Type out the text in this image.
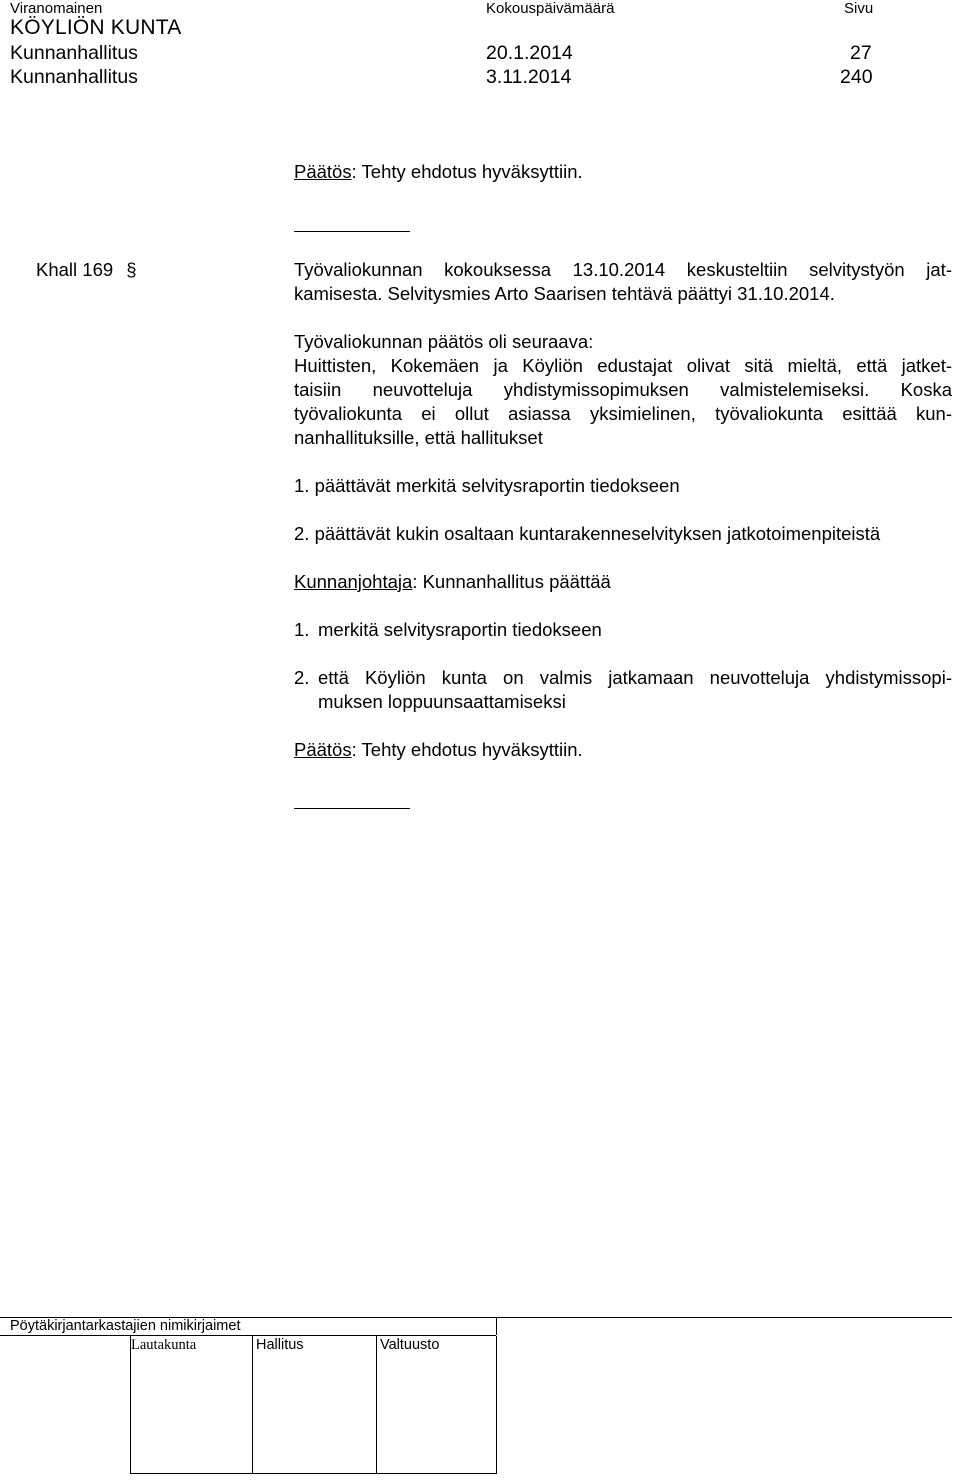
Viranomainen	Kokouspäivämäärä	Sivu
KÖYLIÖN KUNTA
Kunnanhallitus	20.1.2014	27
Kunnanhallitus	3.11.2014	240
Päätös: Tehty ehdotus hyväksyttiin.
Khall 169 §	Työvaliokunnan kokouksessa 13.10.2014 keskusteltiin selvitystyön jat-
kamisesta. Selvitysmies Arto Saarisen tehtävä päättyi 31.10.2014.
Työvaliokunnan päätös oli seuraava:
Huittisten, Kokemäen ja Köyliön edustajat olivat sitä mieltä, että jatket-
taisiin neuvotteluja yhdistymissopimuksen valmistelemiseksi. Koska
työvaliokunta ei ollut asiassa yksimielinen, työvaliokunta esittää kun-
nanhallituksille, että hallitukset
1. päättävät merkitä selvitysraportin tiedokseen
2. päättävät kukin osaltaan kuntarakenneselvityksen jatkotoimenpiteistä
Kunnanjohtaja: Kunnanhallitus päättää
1. merkitä selvitysraportin tiedokseen
2. että Köyliön kunta on valmis jatkamaan neuvotteluja yhdistymissopi-
muksen loppuunsaattamiseksi
Päätös: Tehty ehdotus hyväksyttiin.
Pöytäkirjantarkastajien nimikirjaimet
Lautakunta	Hallitus	Valtuusto
